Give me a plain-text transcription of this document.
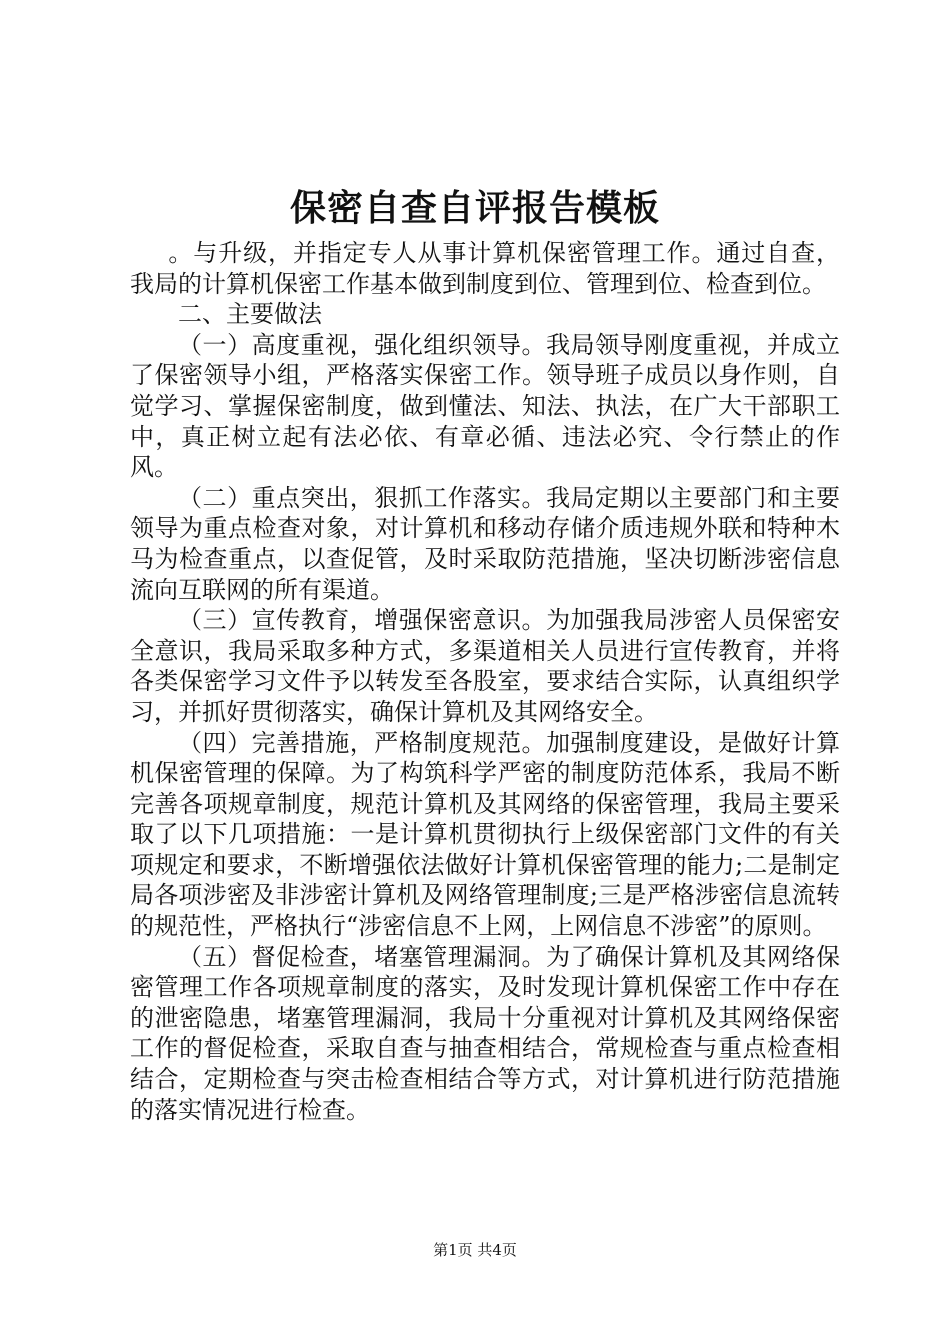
保密自查自评报告模板

。与升级，并指定专人从事计算机保密管理工作。通过自查，我局的计算机保密工作基本做到制度到位、管理到位、检查到位。

二、主要做法

（一）高度重视，强化组织领导。我局领导刚度重视，并成立了保密领导小组，严格落实保密工作。领导班子成员以身作则，自觉学习、掌握保密制度，做到懂法、知法、执法，在广大干部职工中，真正树立起有法必依、有章必循、违法必究、令行禁止的作风。

（二）重点突出，狠抓工作落实。我局定期以主要部门和主要领导为重点检查对象，对计算机和移动存储介质违规外联和特种木马为检查重点，以查促管，及时采取防范措施，坚决切断涉密信息流向互联网的所有渠道。

（三）宣传教育，增强保密意识。为加强我局涉密人员保密安全意识，我局采取多种方式，多渠道相关人员进行宣传教育，并将各类保密学习文件予以转发至各股室，要求结合实际，认真组织学习，并抓好贯彻落实，确保计算机及其网络安全。

（四）完善措施，严格制度规范。加强制度建设，是做好计算机保密管理的保障。为了构筑科学严密的制度防范体系，我局不断完善各项规章制度，规范计算机及其网络的保密管理，我局主要采取了以下几项措施：一是计算机贯彻执行上级保密部门文件的有关项规定和要求，不断增强依法做好计算机保密管理的能力;二是制定局各项涉密及非涉密计算机及网络管理制度;三是严格涉密信息流转的规范性，严格执行“涉密信息不上网，上网信息不涉密”的原则。

（五）督促检查，堵塞管理漏洞。为了确保计算机及其网络保密管理工作各项规章制度的落实，及时发现计算机保密工作中存在的泄密隐患，堵塞管理漏洞，我局十分重视对计算机及其网络保密工作的督促检查，采取自查与抽查相结合，常规检查与重点检查相结合，定期检查与突击检查相结合等方式，对计算机进行防范措施的落实情况进行检查。

第1页 共4页
